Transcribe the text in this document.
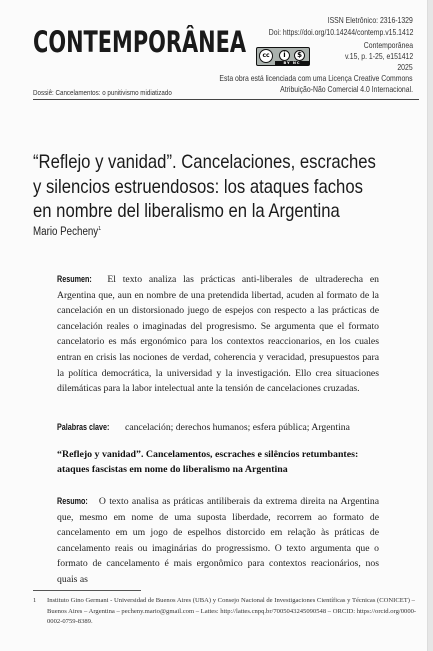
CONTEMPORÂNEA
Dossiê: Cancelamentos: o punitivismo midiatizado
ISSN Eletrônico: 2316-1329
Doi: https://doi.org/10.14244/contemp.v15.1412
cc	i	$
BY NC
Contemporânea
v.15, p. 1-25, e151412
2025
Esta obra está licenciada com uma Licença Creative Commons
Atribuição-Não Comercial 4.0 Internacional.
“Reflejo y vanidad”. Cancelaciones, escraches
y silencios estruendosos: los ataques fachos
en nombre del liberalismo en la Argentina
Mario Pecheny$^1$

Resumen: El texto analiza las prácticas anti-liberales de ultraderecha en Argentina que, aun en nombre de una pretendida libertad, acuden al formato de la cancelación en un distorsionado juego de espejos con respecto a las prácticas de cancelación reales o imaginadas del progresismo. Se argumenta que el formato cancelatorio es más ergonómico para los contextos reaccionarios, en los cuales entran en crisis las nociones de verdad, coherencia y veracidad, presupuestos para la política democrática, la universidad y la investigación. Ello crea situaciones dilemáticas para la labor intelectual ante la tensión de cancelaciones cruzadas.

Palabras clave: cancelación; derechos humanos; esfera pública; Argentina
“Reflejo y vanidad”. Cancelamentos, escraches e silêncios retumbantes: ataques fascistas em nome do liberalismo na Argentina

Resumo: O texto analisa as práticas antiliberais da extrema direita na Argentina que, mesmo em nome de uma suposta liberdade, recorrem ao formato de cancelamento em um jogo de espelhos distorcido em relação às práticas de cancelamento reais ou imaginárias do progressismo. O texto argumenta que o formato de cancelamento é mais ergonômico para contextos reacionários, nos quais as

1 Instituto Gino Germani - Universidad de Buenos Aires (UBA) y Consejo Nacional de Investigaciones Científicas y Técnicas (CONICET) – Buenos Aires – Argentina – pecheny.mario@gmail.com – Lattes: http://lattes.cnpq.br/7005043245090548 – ORCID: https://orcid.org/0000-0002-0759-8389.
